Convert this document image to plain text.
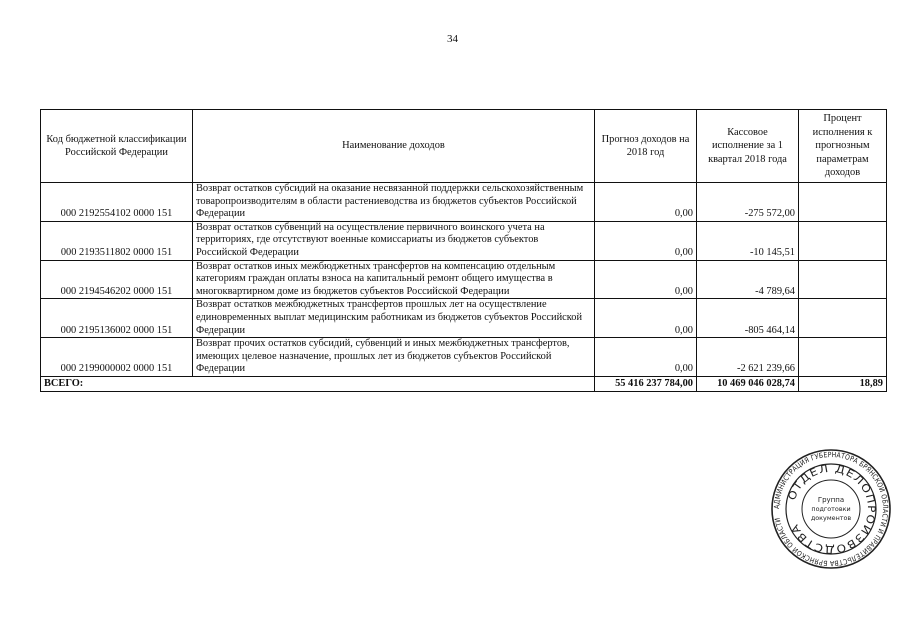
34
Код бюджетной классификации Российской Федерации	Наименование доходов	Прогноз доходов на 2018 год	Кассовое исполнение за 1 квартал 2018 года	Процент исполнения к прогнозным параметрам доходов
000 2192554102 0000 151	Возврат остатков субсидий на оказание несвязанной поддержки сельскохозяйственным товаропроизводителям в области растениеводства из бюджетов субъектов Российской Федерации	0,00	-275 572,00	
000 2193511802 0000 151	Возврат остатков субвенций на осуществление первичного воинского учета на территориях, где отсутствуют военные комиссариаты из бюджетов субъектов Российской Федерации	0,00	-10 145,51	
000 2194546202 0000 151	Возврат остатков иных межбюджетных трансфертов на компенсацию отдельным категориям граждан оплаты взноса на капитальный ремонт общего имущества в многоквартирном доме из бюджетов субъектов Российской Федерации	0,00	-4 789,64	
000 2195136002 0000 151	Возврат остатков межбюджетных трансфертов прошлых лет на осуществление единовременных выплат медицинским работникам из бюджетов субъектов Российской Федерации	0,00	-805 464,14	
000 2199000002 0000 151	Возврат прочих остатков субсидий, субвенций и иных межбюджетных трансфертов, имеющих целевое назначение, прошлых лет из бюджетов субъектов Российской Федерации	0,00	-2 621 239,66	
ВСЕГО:		55 416 237 784,00	10 469 046 028,74	18,89
АДМИНИСТРАЦИЯ ГУБЕРНАТОРА БРЯНСКОЙ ОБЛАСТИ И ПРАВИТЕЛЬСТВА БРЯНСКОЙ ОБЛАСТИ
ОТДЕЛ ДЕЛОПРОИЗВОДСТВА
Группа
подготовки
документов
